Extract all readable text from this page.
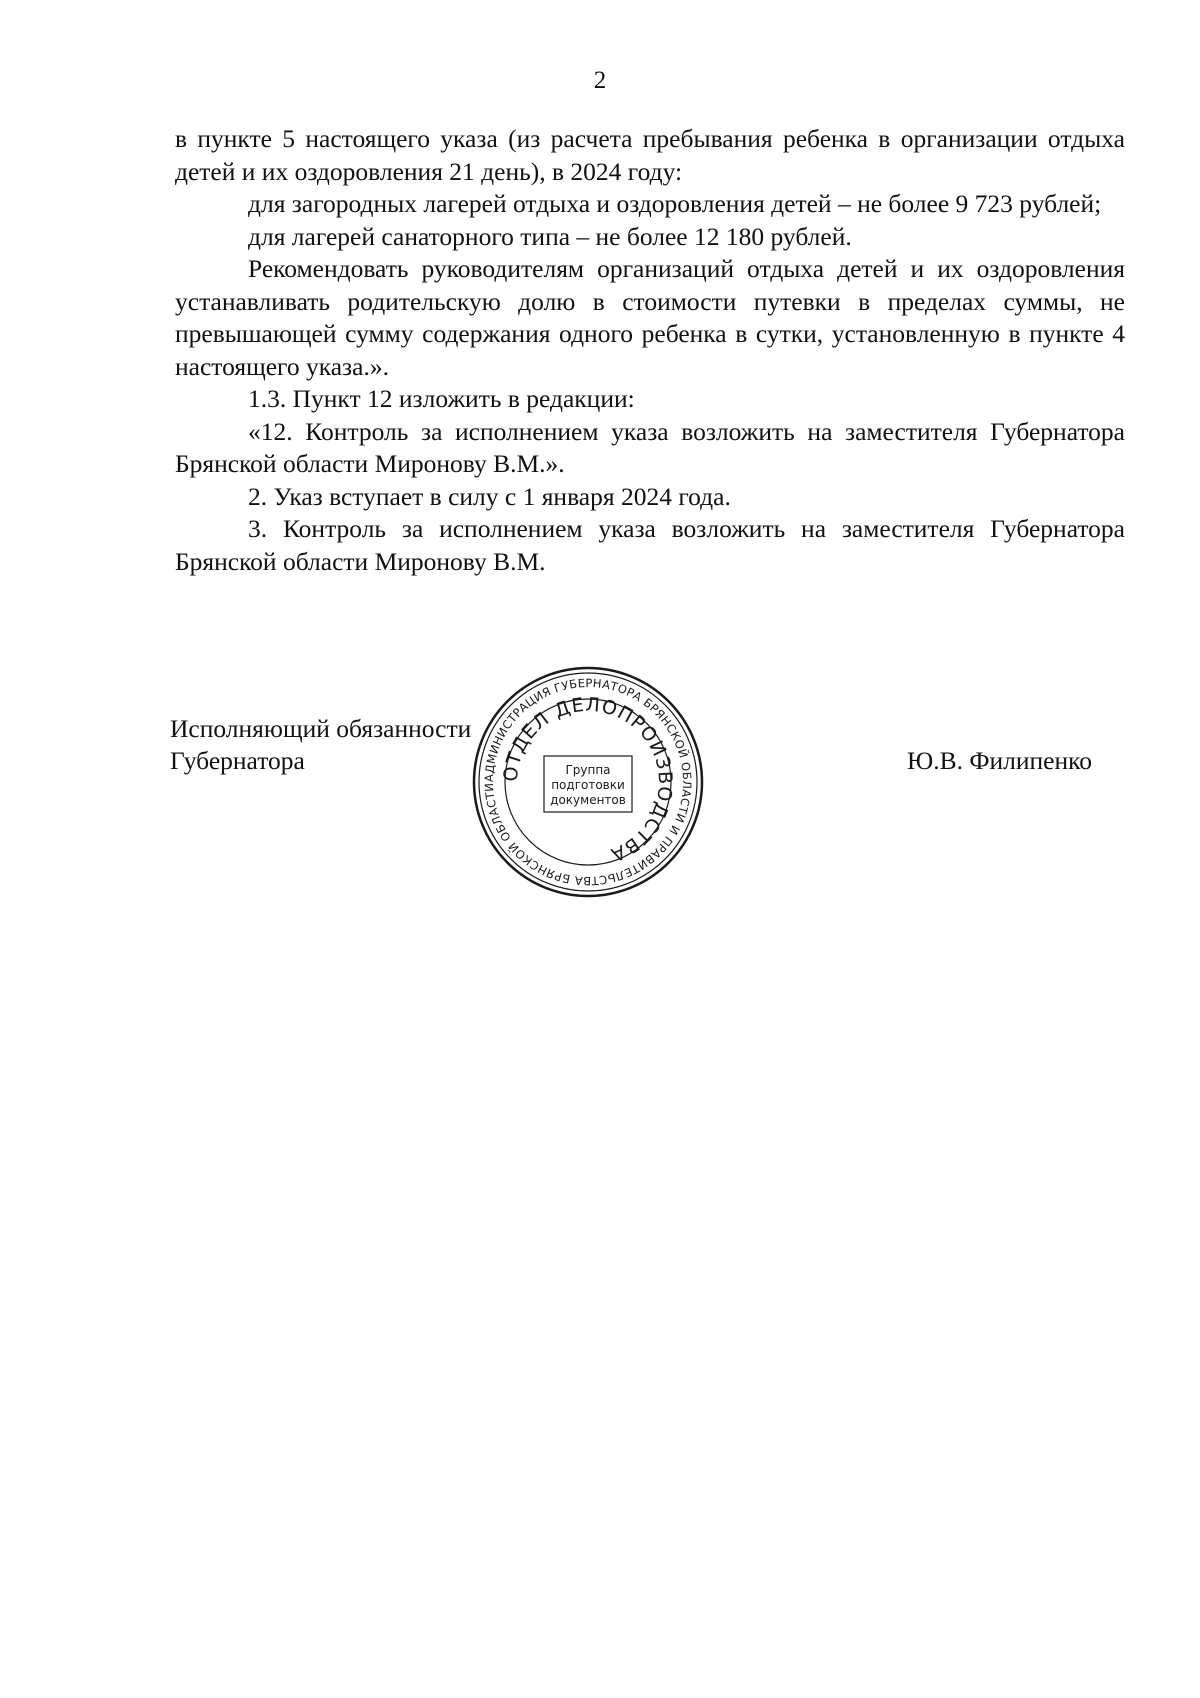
2

в пункте 5 настоящего указа (из расчета пребывания ребенка в организации отдыха детей и их оздоровления 21 день), в 2024 году:

для загородных лагерей отдыха и оздоровления детей – не более 9 723 рублей;

для лагерей санаторного типа – не более 12 180 рублей.

Рекомендовать руководителям организаций отдыха детей и их оздоровления устанавливать родительскую долю в стоимости путевки в пределах суммы, не превышающей сумму содержания одного ребенка в сутки, установленную в пункте 4 настоящего указа.».

1.3. Пункт 12 изложить в редакции:

«12. Контроль за исполнением указа возложить на заместителя Губернатора Брянской области Миронову В.М.».

2. Указ вступает в силу с 1 января 2024 года.

3. Контроль за исполнением указа возложить на заместителя Губернатора Брянской области Миронову В.М.

Исполняющий обязанности
Губернатора	Ю.В. Филипенко
АДМИНИСТРАЦИЯ ГУБЕРНАТОРА БРЯНСКОЙ ОБЛАСТИ И ПРАВИТЕЛЬСТВА БРЯНСКОЙ ОБЛАСТИ ✱
ОТДЕЛ ДЕЛОПРОИЗВОДСТВА
Группа
подготовки
документов
